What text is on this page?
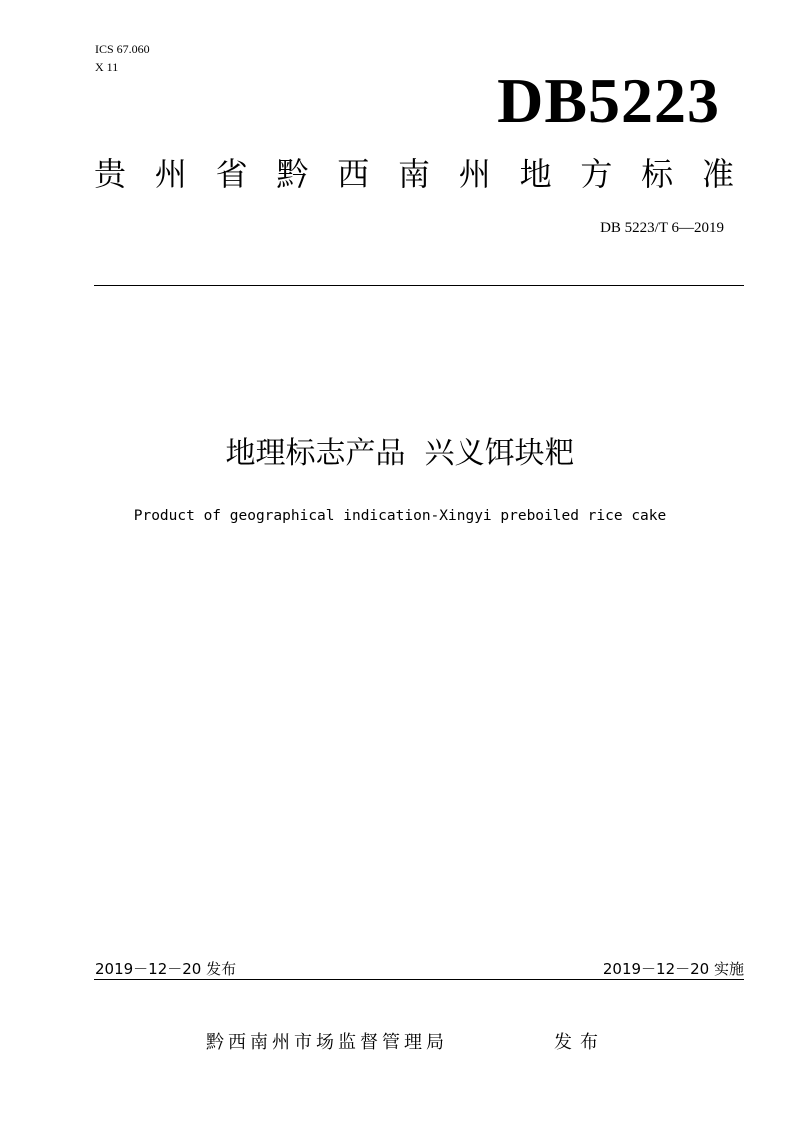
ICS 67.060
X 11	DB5223
贵 州 省 黔 西 南 州 地 方 标 准
DB 5223/T 6—2019
地理标志产品  兴义饵块粑
Product of geographical indication-Xingyi preboiled rice cake
2019－12－20 发布	2019－12－20 实施
黔西南州市场监督管理局	发布
